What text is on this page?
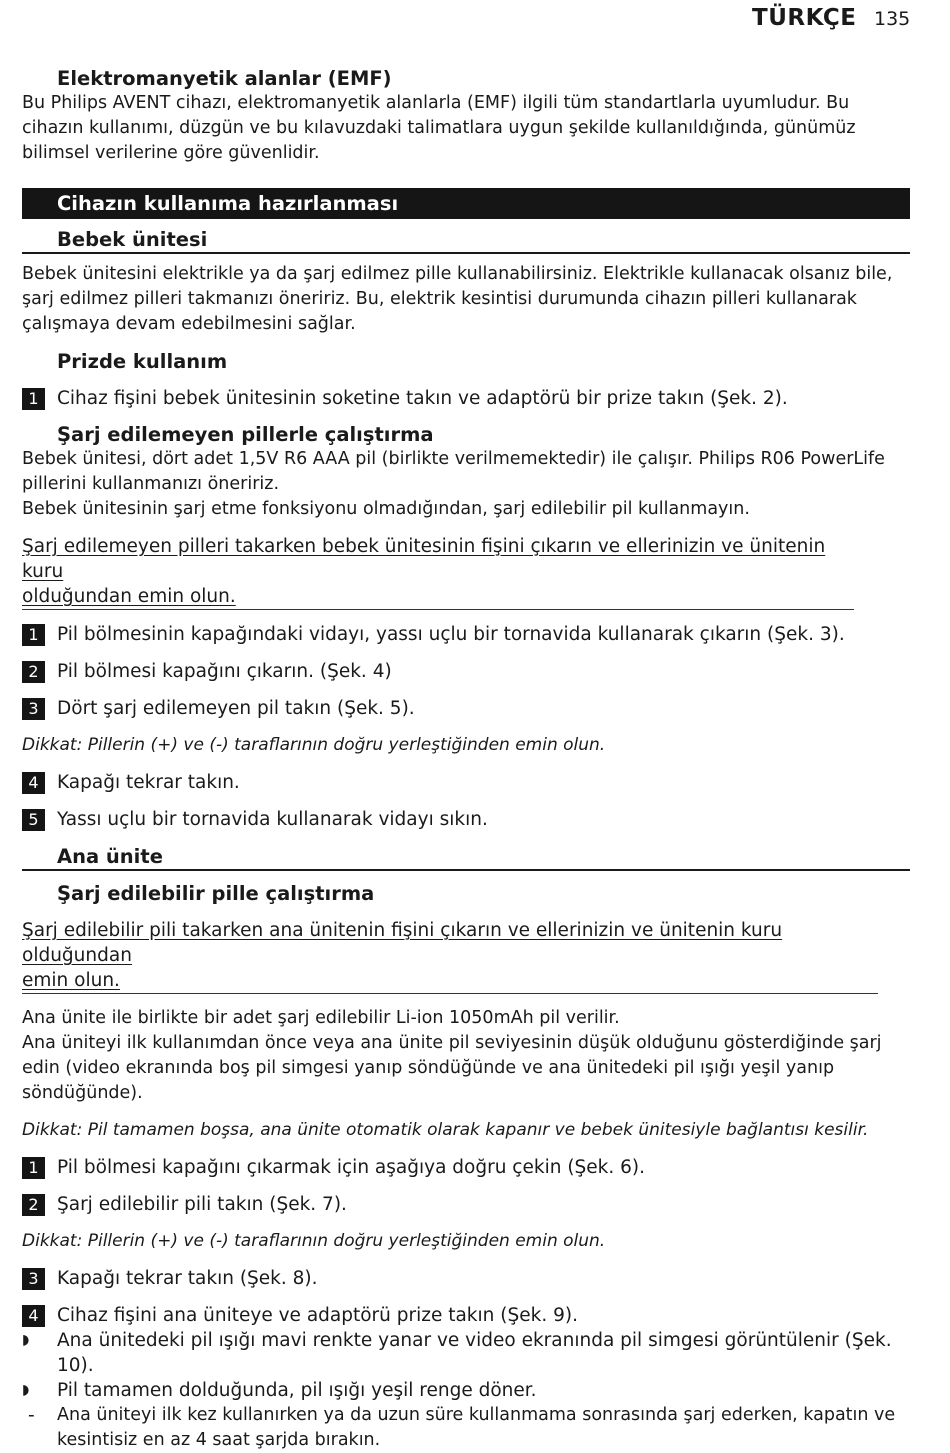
TÜRKÇE 135
Elektromanyetik alanlar (EMF)

Bu Philips AVENT cihazı, elektromanyetik alanlarla (EMF) ilgili tüm standartlarla uyumludur. Bu cihazın kullanımı, düzgün ve bu kılavuzdaki talimatlara uygun şekilde kullanıldığında, günümüz bilimsel verilerine göre güvenlidir.

Cihazın kullanıma hazırlanması
Bebek ünitesi

Bebek ünitesini elektrikle ya da şarj edilmez pille kullanabilirsiniz. Elektrikle kullanacak olsanız bile, şarj edilmez pilleri takmanızı öneririz. Bu, elektrik kesintisi durumunda cihazın pilleri kullanarak çalışmaya devam edebilmesini sağlar.

Prizde kullanım
1 Cihaz fişini bebek ünitesinin soketine takın ve adaptörü bir prize takın (Şek. 2).
Şarj edilemeyen pillerle çalıştırma

Bebek ünitesi, dört adet 1,5V R6 AAA pil (birlikte verilmemektedir) ile çalışır. Philips R06 PowerLife pillerini kullanmanızı öneririz.

Bebek ünitesinin şarj etme fonksiyonu olmadığından, şarj edilebilir pil kullanmayın.

Şarj edilemeyen pilleri takarken bebek ünitesinin fişini çıkarın ve ellerinizin ve ünitenin kuru
olduğundan emin olun.
1 Pil bölmesinin kapağındaki vidayı, yassı uçlu bir tornavida kullanarak çıkarın (Şek. 3).
2 Pil bölmesi kapağını çıkarın. (Şek. 4)
3 Dört şarj edilemeyen pil takın (Şek. 5).

Dikkat: Pillerin (+) ve (-) taraflarının doğru yerleştiğinden emin olun.

4 Kapağı tekrar takın.
5 Yassı uçlu bir tornavida kullanarak vidayı sıkın.
Ana ünite
Şarj edilebilir pille çalıştırma
Şarj edilebilir pili takarken ana ünitenin fişini çıkarın ve ellerinizin ve ünitenin kuru olduğundan
emin olun.

Ana ünite ile birlikte bir adet şarj edilebilir Li-ion 1050mAh pil verilir.

Ana üniteyi ilk kullanımdan önce veya ana ünite pil seviyesinin düşük olduğunu gösterdiğinde şarj edin (video ekranında boş pil simgesi yanıp söndüğünde ve ana ünitedeki pil ışığı yeşil yanıp söndüğünde).

Dikkat: Pil tamamen boşsa, ana ünite otomatik olarak kapanır ve bebek ünitesiyle bağlantısı kesilir.

1 Pil bölmesi kapağını çıkarmak için aşağıya doğru çekin (Şek. 6).
2 Şarj edilebilir pili takın (Şek. 7).

Dikkat: Pillerin (+) ve (-) taraflarının doğru yerleştiğinden emin olun.

3 Kapağı tekrar takın (Şek. 8).
4 Cihaz fişini ana üniteye ve adaptörü prize takın (Şek. 9).
◗	Ana ünitedeki pil ışığı mavi renkte yanar ve video ekranında pil simgesi görüntülenir (Şek. 10).
◗	Pil tamamen dolduğunda, pil ışığı yeşil renge döner.
-	Ana üniteyi ilk kez kullanırken ya da uzun süre kullanmama sonrasında şarj ederken, kapatın ve kesintisiz en az 4 saat şarjda bırakın.
